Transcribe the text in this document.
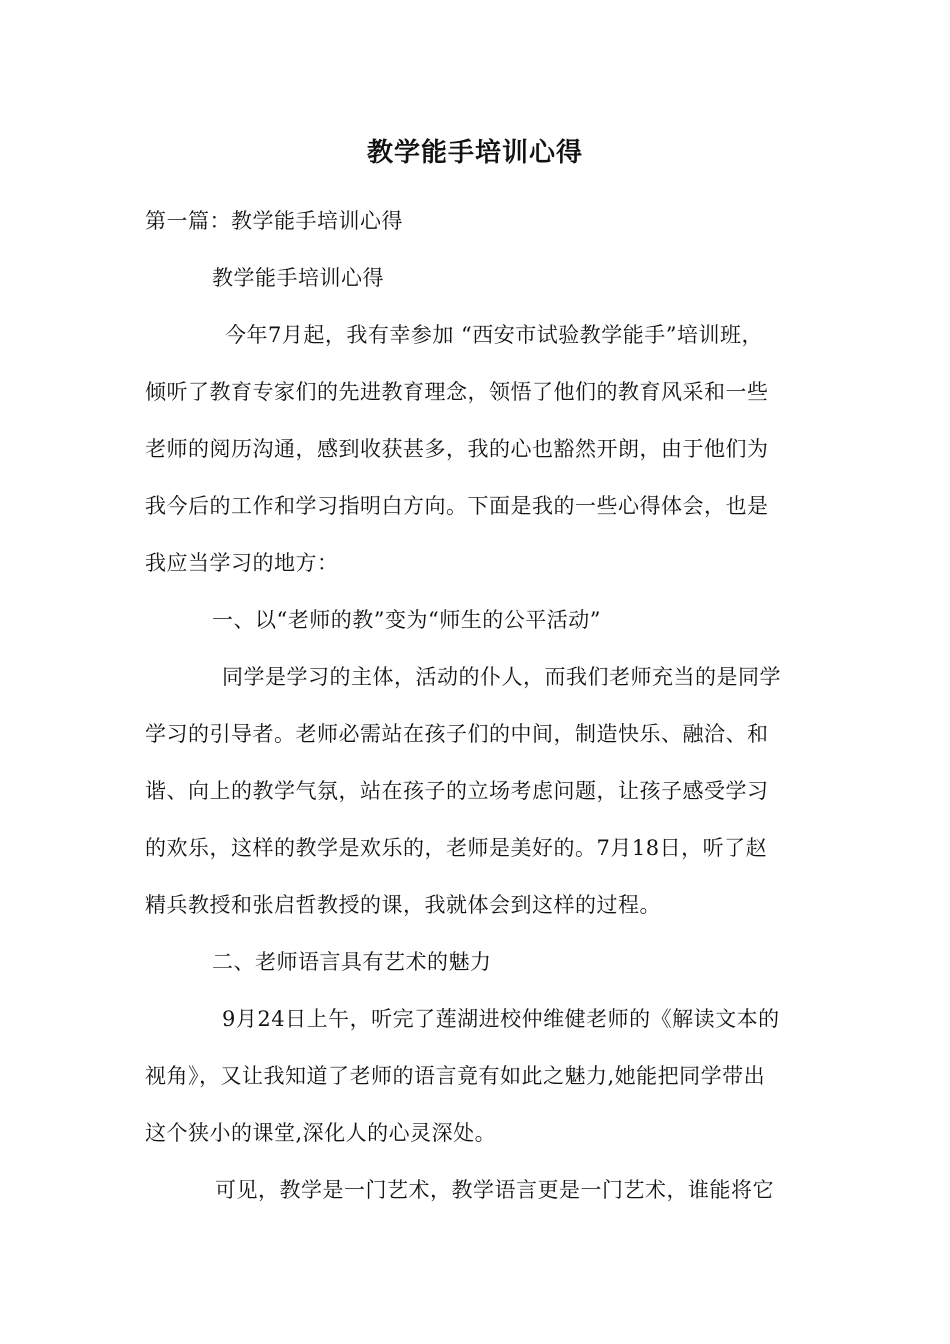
教学能手培训心得
第一篇：教学能手培训心得
教学能手培训心得
今年7月起，我有幸参加 “西安市试验教学能手”培训班，
倾听了教育专家们的先进教育理念，领悟了他们的教育风采和一些
老师的阅历沟通，感到收获甚多，我的心也豁然开朗，由于他们为
我今后的工作和学习指明白方向。下面是我的一些心得体会，也是
我应当学习的地方：
一、以“老师的教”变为“师生的公平活动”
同学是学习的主体，活动的仆人，而我们老师充当的是同学
学习的引导者。老师必需站在孩子们的中间，制造快乐、融洽、和
谐、向上的教学气氛，站在孩子的立场考虑问题，让孩子感受学习
的欢乐，这样的教学是欢乐的，老师是美好的。7月18日，听了赵
精兵教授和张启哲教授的课，我就体会到这样的过程。
二、老师语言具有艺术的魅力
9月24日上午，听完了莲湖进校仲维健老师的《解读文本的
视角》，又让我知道了老师的语言竟有如此之魅力,她能把同学带出
这个狭小的课堂,深化人的心灵深处。
可见，教学是一门艺术，教学语言更是一门艺术，谁能将它
